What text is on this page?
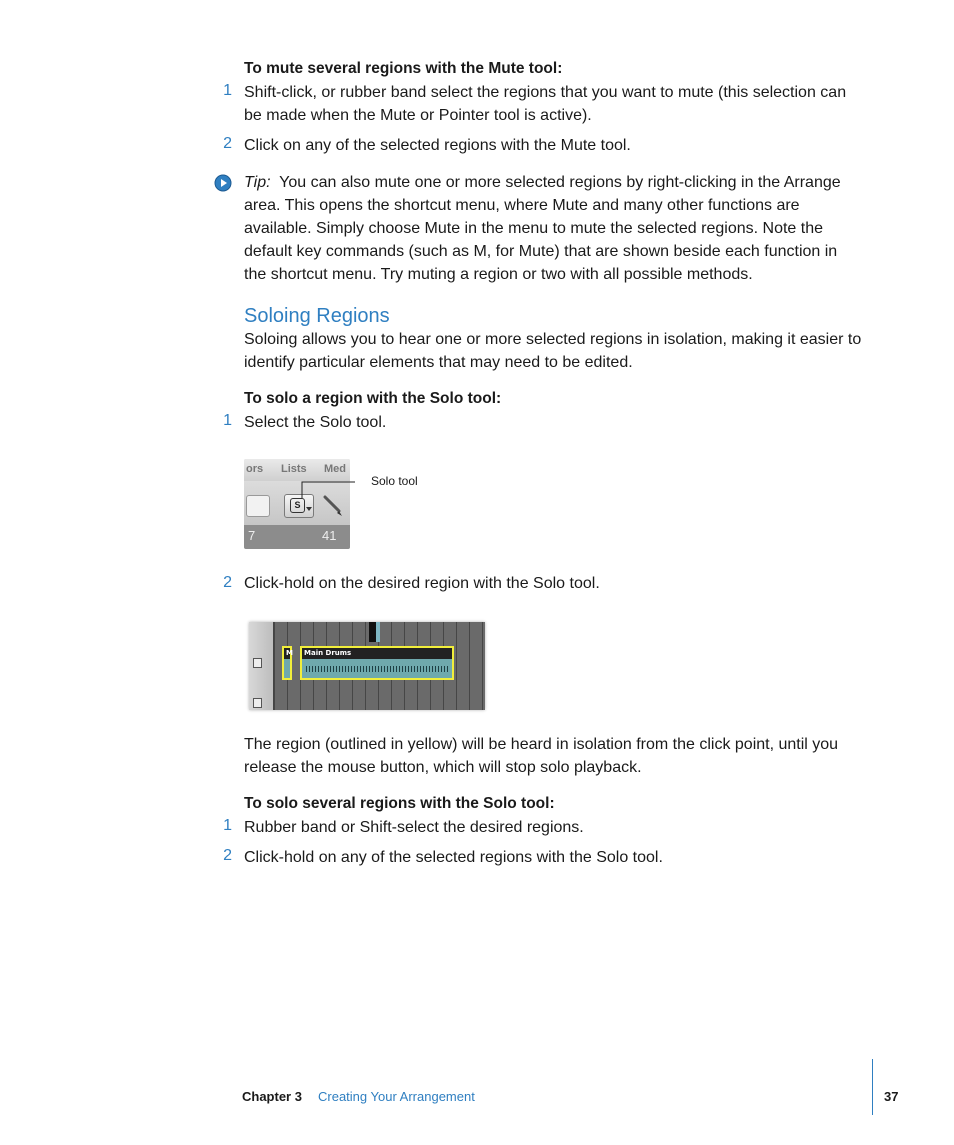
To mute several regions with the Mute tool:
1 Shift-click, or rubber band select the regions that you want to mute (this selection can
be made when the Mute or Pointer tool is active).
2 Click on any of the selected regions with the Mute tool.
Tip: You can also mute one or more selected regions by right-clicking in the Arrange
area. This opens the shortcut menu, where Mute and many other functions are
available. Simply choose Mute in the menu to mute the selected regions. Note the
default key commands (such as M, for Mute) that are shown beside each function in
the shortcut menu. Try muting a region or two with all possible methods.
Soloing Regions
Soloing allows you to hear one or more selected regions in isolation, making it easier to
identify particular elements that may need to be edited.
To solo a region with the Solo tool:
1 Select the Solo tool.
ors Lists Med
S
7	41
Solo tool
2 Click-hold on the desired region with the Solo tool.
M Main Drums
The region (outlined in yellow) will be heard in isolation from the click point, until you
release the mouse button, which will stop solo playback.
To solo several regions with the Solo tool:
1 Rubber band or Shift-select the desired regions.
2 Click-hold on any of the selected regions with the Solo tool.
Chapter 3 Creating Your Arrangement	37
